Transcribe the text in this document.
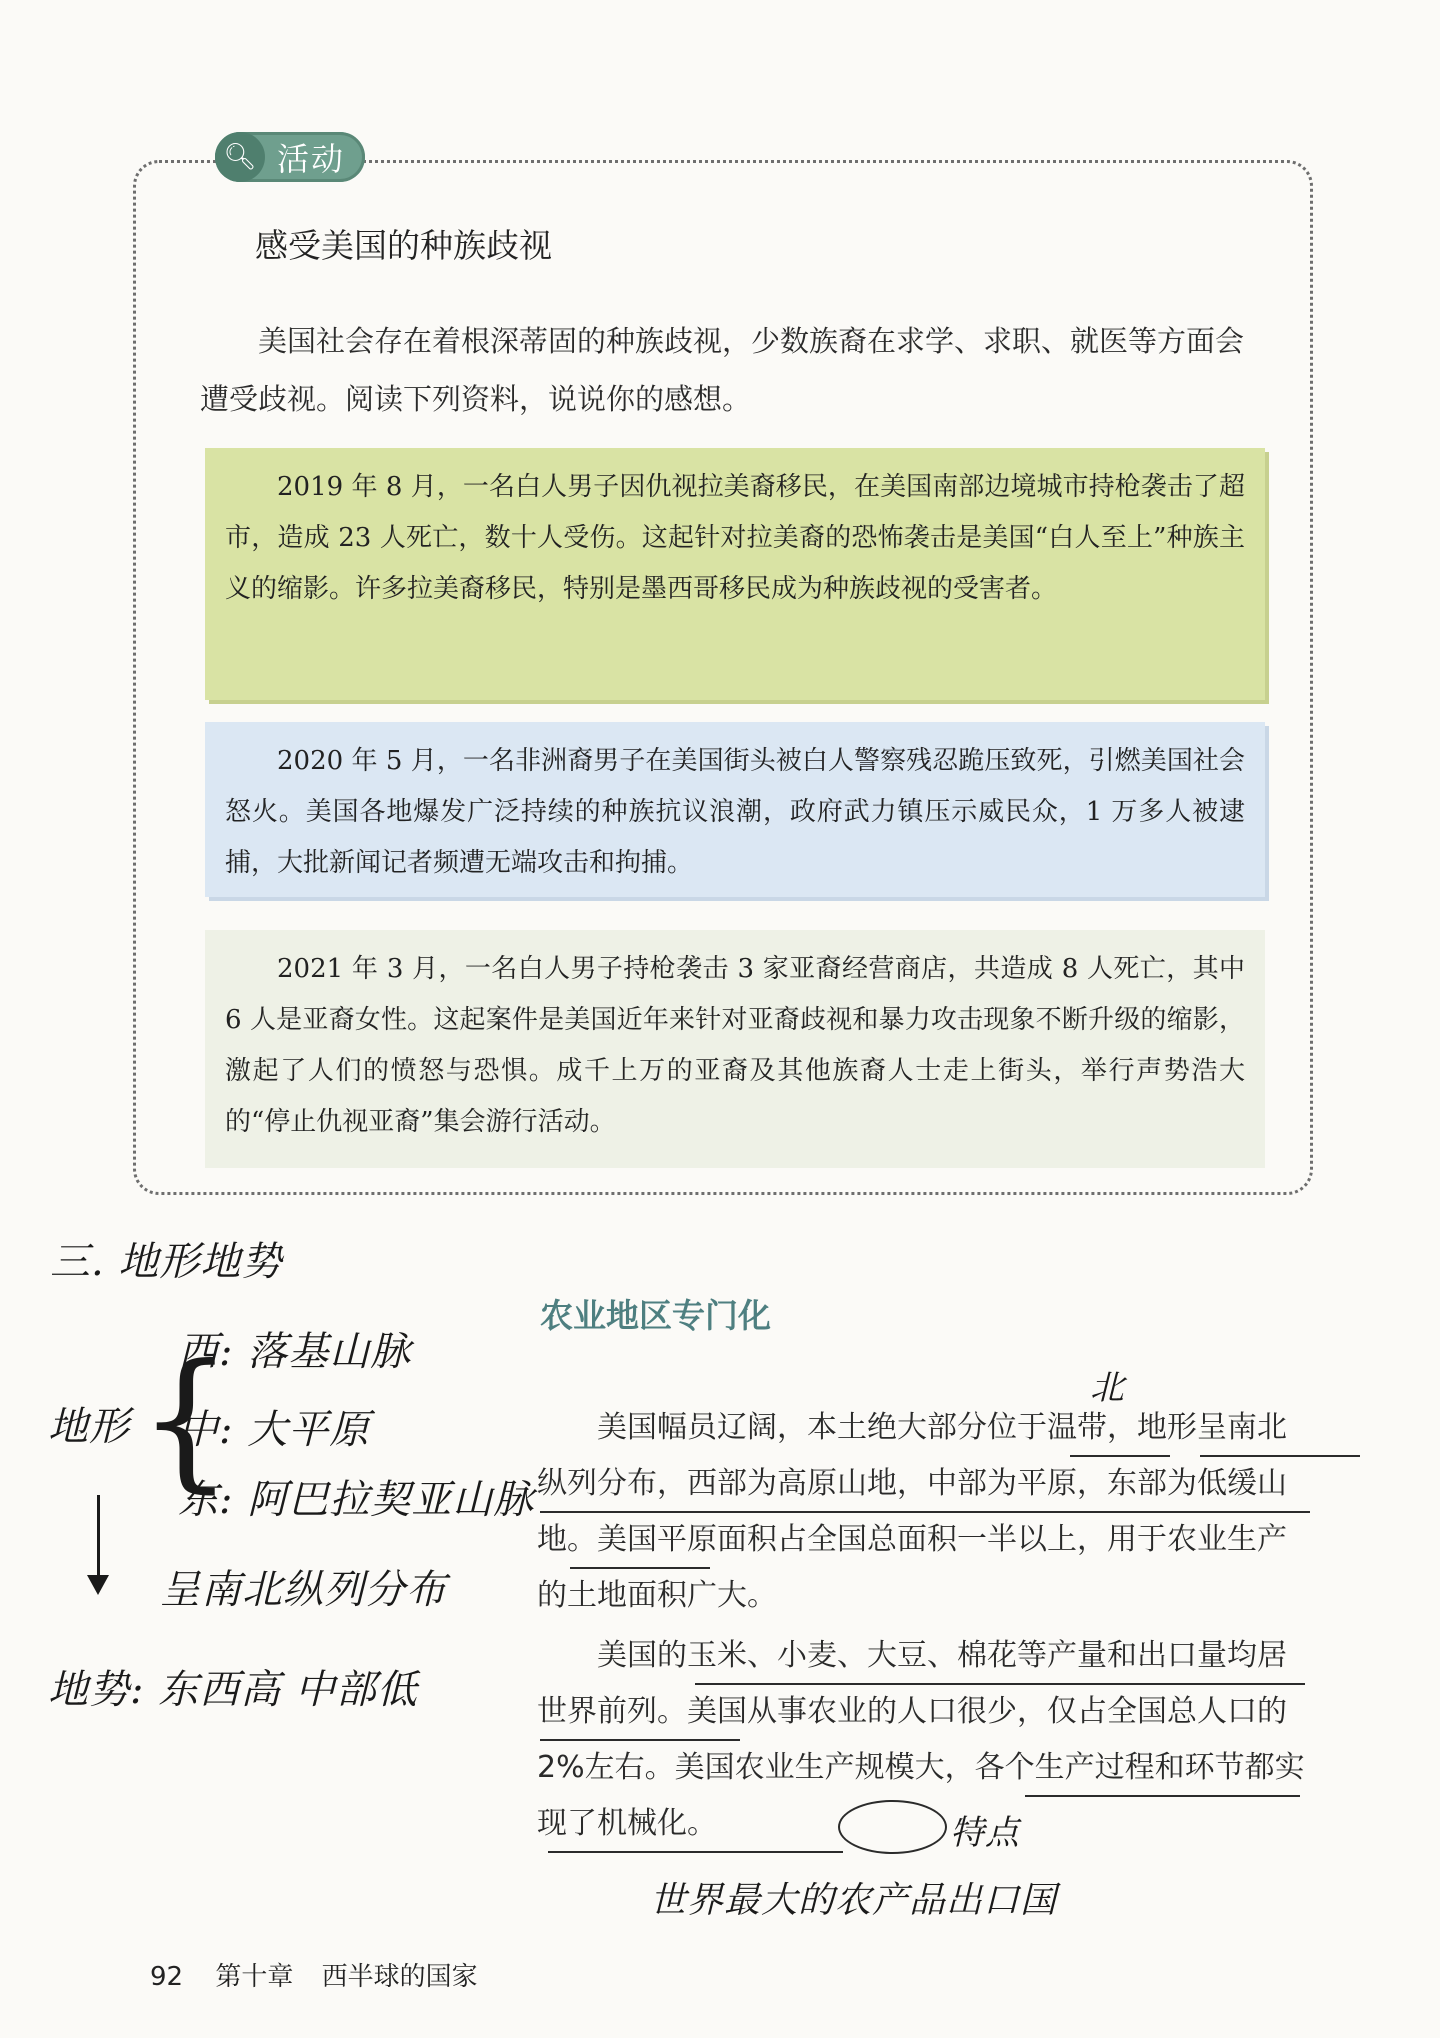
🔍︎ 活动
感受美国的种族歧视
美国社会存在着根深蒂固的种族歧视，少数族裔在求学、求职、就医等方面会遭受歧视。阅读下列资料，说说你的感想。
2019 年 8 月，一名白人男子因仇视拉美裔移民，在美国南部边境城市持枪袭击了超市，造成 23 人死亡，数十人受伤。这起针对拉美裔的恐怖袭击是美国“白人至上”种族主义的缩影。许多拉美裔移民，特别是墨西哥移民成为种族歧视的受害者。
2020 年 5 月，一名非洲裔男子在美国街头被白人警察残忍跪压致死，引燃美国社会怒火。美国各地爆发广泛持续的种族抗议浪潮，政府武力镇压示威民众，1 万多人被逮捕，大批新闻记者频遭无端攻击和拘捕。
2021 年 3 月，一名白人男子持枪袭击 3 家亚裔经营商店，共造成 8 人死亡，其中 6 人是亚裔女性。这起案件是美国近年来针对亚裔歧视和暴力攻击现象不断升级的缩影，激起了人们的愤怒与恐惧。成千上万的亚裔及其他族裔人士走上街头，举行声势浩大的“停止仇视亚裔”集会游行活动。
三. 地形地势
地形 {
西: 落基山脉
中: 大平原
东: 阿巴拉契亚山脉
呈南北纵列分布
地势: 东西高 中部低
农业地区专门化
北
美国幅员辽阔，本土绝大部分位于温带，地形呈南北纵列分布，西部为高原山地，中部为平原，东部为低缓山地。美国平原面积占全国总面积一半以上，用于农业生产的土地面积广大。
美国的玉米、小麦、大豆、棉花等产量和出口量均居世界前列。美国从事农业的人口很少，仅占全国总人口的2%左右。美国农业生产规模大，各个生产过程和环节都实现了机械化。	特点
世界最大的农产品出口国
92 第十章 西半球的国家
